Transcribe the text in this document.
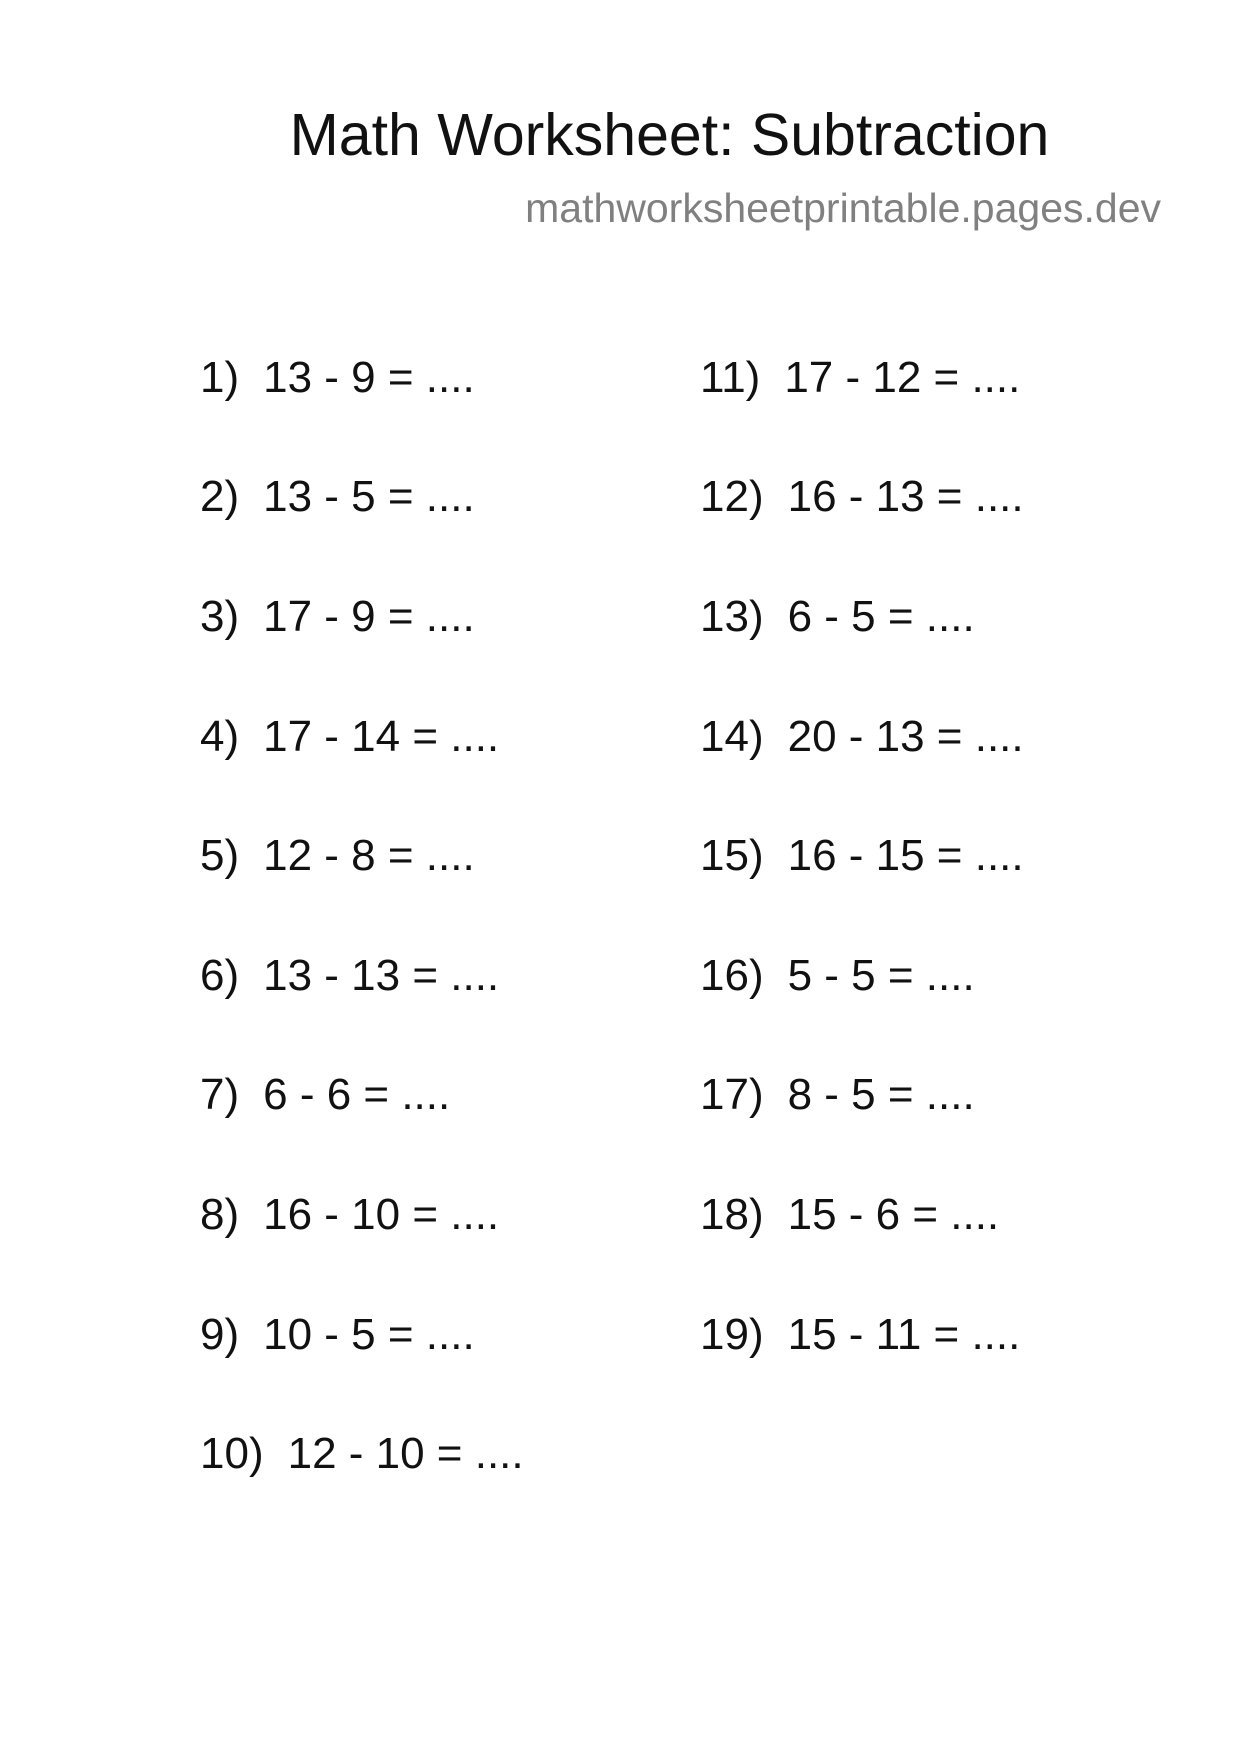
Math Worksheet: Subtraction
mathworksheetprintable.pages.dev
1) 13 - 9 = ....
2) 13 - 5 = ....
3) 17 - 9 = ....
4) 17 - 14 = ....
5) 12 - 8 = ....
6) 13 - 13 = ....
7) 6 - 6 = ....
8) 16 - 10 = ....
9) 10 - 5 = ....
10) 12 - 10 = ....
11) 17 - 12 = ....
12) 16 - 13 = ....
13) 6 - 5 = ....
14) 20 - 13 = ....
15) 16 - 15 = ....
16) 5 - 5 = ....
17) 8 - 5 = ....
18) 15 - 6 = ....
19) 15 - 11 = ....
